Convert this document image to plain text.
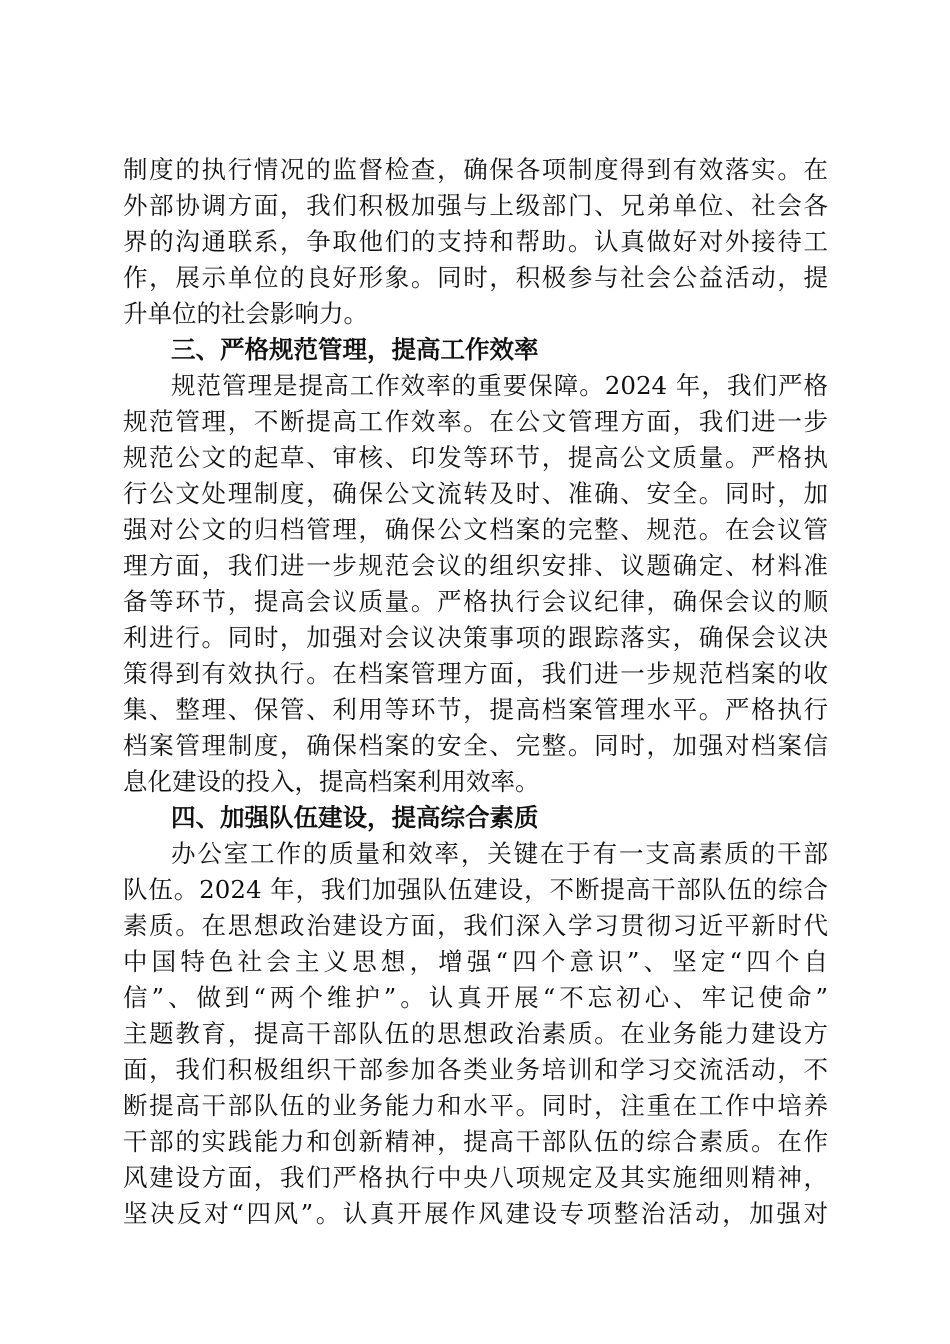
制度的执行情况的监督检查，确保各项制度得到有效落实。在

外部协调方面，我们积极加强与上级部门、兄弟单位、社会各

界的沟通联系，争取他们的支持和帮助。认真做好对外接待工

作，展示单位的良好形象。同时，积极参与社会公益活动，提

升单位的社会影响力。

三、严格规范管理，提高工作效率

规范管理是提高工作效率的重要保障。2024 年，我们严格

规范管理，不断提高工作效率。在公文管理方面，我们进一步

规范公文的起草、审核、印发等环节，提高公文质量。严格执

行公文处理制度，确保公文流转及时、准确、安全。同时，加

强对公文的归档管理，确保公文档案的完整、规范。在会议管

理方面，我们进一步规范会议的组织安排、议题确定、材料准

备等环节，提高会议质量。严格执行会议纪律，确保会议的顺

利进行。同时，加强对会议决策事项的跟踪落实，确保会议决

策得到有效执行。在档案管理方面，我们进一步规范档案的收

集、整理、保管、利用等环节，提高档案管理水平。严格执行

档案管理制度，确保档案的安全、完整。同时，加强对档案信

息化建设的投入，提高档案利用效率。

四、加强队伍建设，提高综合素质

办公室工作的质量和效率，关键在于有一支高素质的干部

队伍。2024 年，我们加强队伍建设，不断提高干部队伍的综合

素质。在思想政治建设方面，我们深入学习贯彻习近平新时代

中国特色社会主义思想，增强“四个意识”、坚定“四个自

信”、做到“两个维护”。认真开展“不忘初心、牢记使命”

主题教育，提高干部队伍的思想政治素质。在业务能力建设方

面，我们积极组织干部参加各类业务培训和学习交流活动，不

断提高干部队伍的业务能力和水平。同时，注重在工作中培养

干部的实践能力和创新精神，提高干部队伍的综合素质。在作

风建设方面，我们严格执行中央八项规定及其实施细则精神，

坚决反对“四风”。认真开展作风建设专项整治活动，加强对
